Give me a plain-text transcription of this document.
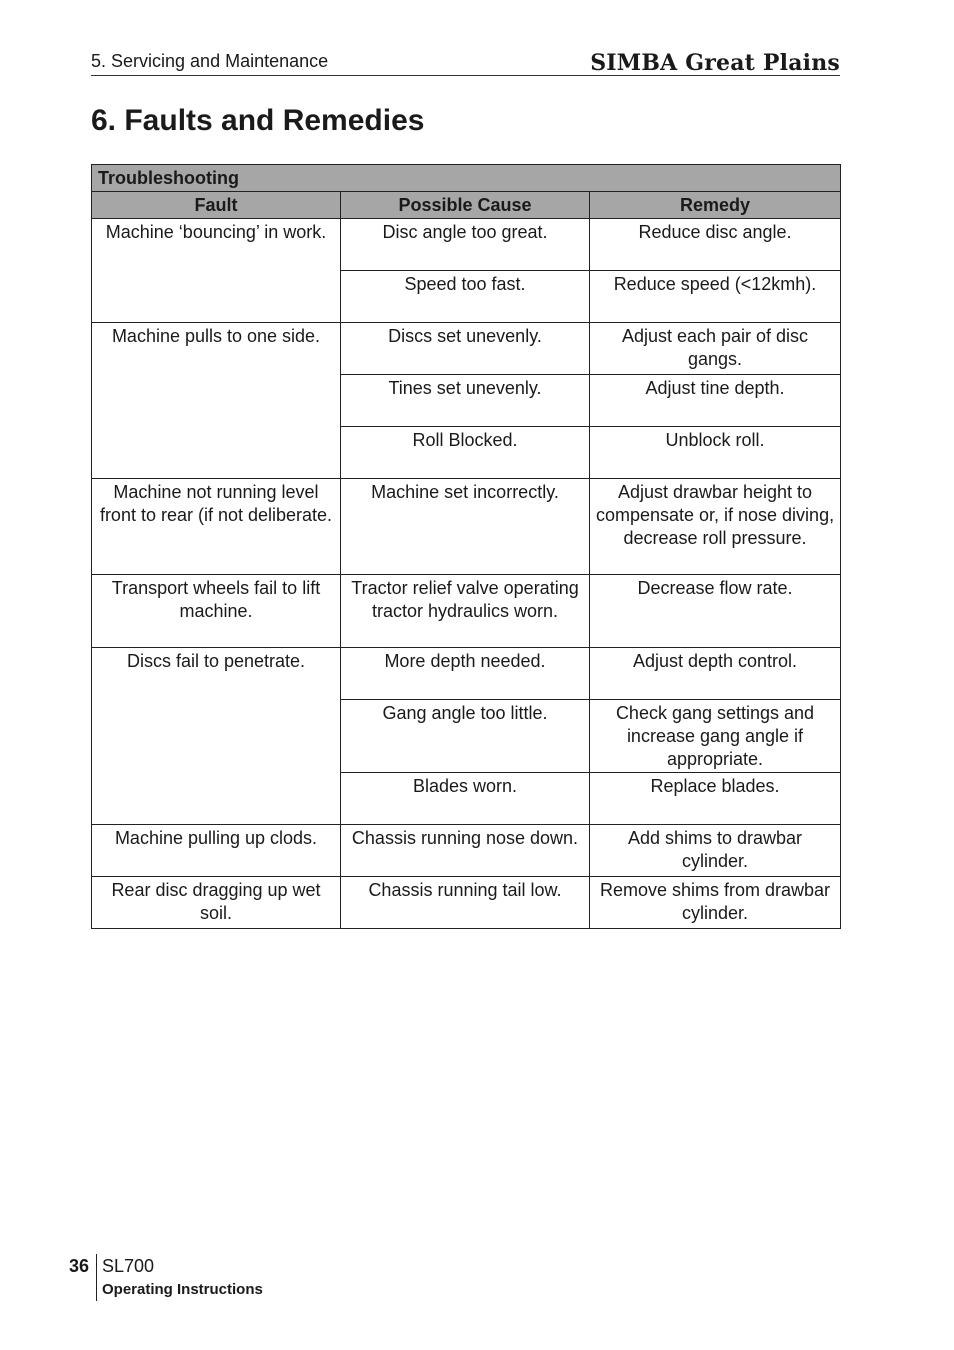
5. Servicing and Maintenance	SIMBA Great Plains
6. Faults and Remedies
Troubleshooting		
Fault	Possible Cause	Remedy
Machine ‘bouncing’ in work.	Disc angle too great.	Reduce disc angle.
	Speed too fast.	Reduce speed (<12kmh).
Machine pulls to one side.	Discs set unevenly.	Adjust each pair of disc gangs.
	Tines set unevenly.	Adjust tine depth.
	Roll Blocked.	Unblock roll.
Machine not running level front to rear (if not deliberate.	Machine set incorrectly.	Adjust drawbar height to compensate or, if nose diving, decrease roll pressure.
Transport wheels fail to lift machine.	Tractor relief valve operating tractor hydraulics worn.	Decrease flow rate.
Discs fail to penetrate.	More depth needed.	Adjust depth control.
	Gang angle too little.	Check gang settings and increase gang angle if appropriate.
	Blades worn.	Replace blades.
Machine pulling up clods.	Chassis running nose down.	Add shims to drawbar cylinder.
Rear disc dragging up wet soil.	Chassis running tail low.	Remove shims from drawbar cylinder.
36 SL700
Operating Instructions
